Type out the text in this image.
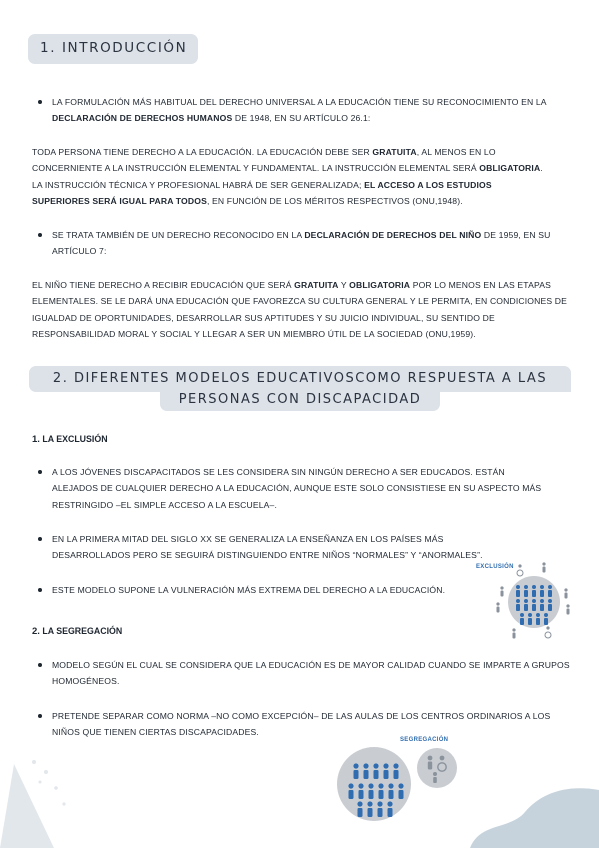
1. INTRODUCCIÓN
LA FORMULACIÓN MÁS HABITUAL DEL DERECHO UNIVERSAL A LA EDUCACIÓN TIENE SU RECONOCIMIENTO EN LA DECLARACIÓN DE DERECHOS HUMANOS DE 1948, EN SU ARTÍCULO 26.1:
TODA PERSONA TIENE DERECHO A LA EDUCACIÓN. LA EDUCACIÓN DEBE SER GRATUITA, AL MENOS EN LO CONCERNIENTE A LA INSTRUCCIÓN ELEMENTAL Y FUNDAMENTAL. LA INSTRUCCIÓN ELEMENTAL SERÁ OBLIGATORIA. LA INSTRUCCIÓN TÉCNICA Y PROFESIONAL HABRÁ DE SER GENERALIZADA; EL ACCESO A LOS ESTUDIOS SUPERIORES SERÁ IGUAL PARA TODOS, EN FUNCIÓN DE LOS MÉRITOS RESPECTIVOS (ONU,1948).
SE TRATA TAMBIÉN DE UN DERECHO RECONOCIDO EN LA DECLARACIÓN DE DERECHOS DEL NIÑO DE 1959, EN SU ARTÍCULO 7:
EL NIÑO TIENE DERECHO A RECIBIR EDUCACIÓN QUE SERÁ GRATUITA Y OBLIGATORIA POR LO MENOS EN LAS ETAPAS ELEMENTALES. SE LE DARÁ UNA EDUCACIÓN QUE FAVOREZCA SU CULTURA GENERAL Y LE PERMITA, EN CONDICIONES DE IGUALDAD DE OPORTUNIDADES, DESARROLLAR SUS APTITUDES Y SU JUICIO INDIVIDUAL, SU SENTIDO DE RESPONSABILIDAD MORAL Y SOCIAL Y LLEGAR A SER UN MIEMBRO ÚTIL DE LA SOCIEDAD (ONU,1959).
2. DIFERENTES MODELOS EDUCATIVOSCOMO RESPUESTA A LAS
PERSONAS CON DISCAPACIDAD
1. LA EXCLUSIÓN
A LOS JÓVENES DISCAPACITADOS SE LES CONSIDERA SIN NINGÚN DERECHO A SER EDUCADOS. ESTÁN ALEJADOS DE CUALQUIER DERECHO A LA EDUCACIÓN, AUNQUE ESTE SOLO CONSISTIESE EN SU ASPECTO MÁS RESTRINGIDO –EL SIMPLE ACCESO A LA ESCUELA–.
EN LA PRIMERA MITAD DEL SIGLO XX SE GENERALIZA LA ENSEÑANZA EN LOS PAÍSES MÁS DESARROLLADOS PERO SE SEGUIRÁ DISTINGUIENDO ENTRE NIÑOS “NORMALES” Y “ANORMALES”.
ESTE MODELO SUPONE LA VULNERACIÓN MÁS EXTREMA DEL DERECHO A LA EDUCACIÓN.
EXCLUSIÓN
2. LA SEGREGACIÓN
MODELO SEGÚN EL CUAL SE CONSIDERA QUE LA EDUCACIÓN ES DE MAYOR CALIDAD CUANDO SE IMPARTE A GRUPOS HOMOGÉNEOS.
PRETENDE SEPARAR COMO NORMA –NO COMO EXCEPCIÓN– DE LAS AULAS DE LOS CENTROS ORDINARIOS A LOS NIÑOS QUE TIENEN CIERTAS DISCAPACIDADES.
SEGREGACIÓN
